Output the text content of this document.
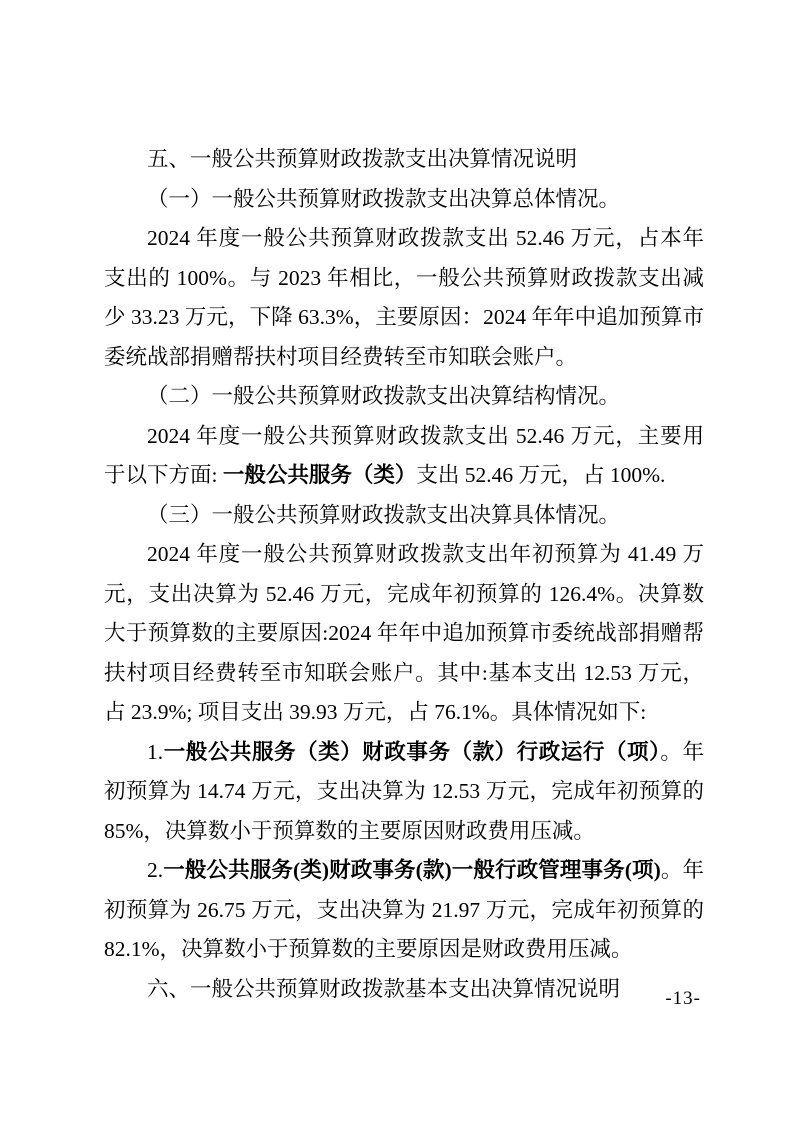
五、一般公共预算财政拨款支出决算情况说明
（一）一般公共预算财政拨款支出决算总体情况。

2024 年度一般公共预算财政拨款支出 52.46 万元，占本年支出的 100%。与 2023 年相比，一般公共预算财政拨款支出减少 33.23 万元，下降 63.3%，主要原因：2024 年年中追加预算市委统战部捐赠帮扶村项目经费转至市知联会账户。

（二）一般公共预算财政拨款支出决算结构情况。

2024 年度一般公共预算财政拨款支出 52.46 万元，主要用于以下方面: 一般公共服务（类）支出 52.46 万元，占 100%.

（三）一般公共预算财政拨款支出决算具体情况。

2024 年度一般公共预算财政拨款支出年初预算为 41.49 万元，支出决算为 52.46 万元，完成年初预算的 126.4%。决算数大于预算数的主要原因:2024 年年中追加预算市委统战部捐赠帮扶村项目经费转至市知联会账户。其中:基本支出 12.53 万元，占 23.9%; 项目支出 39.93 万元，占 76.1%。具体情况如下:

1.一般公共服务（类）财政事务（款）行政运行（项）。年初预算为 14.74 万元，支出决算为 12.53 万元，完成年初预算的 85%，决算数小于预算数的主要原因财政费用压减。

2.一般公共服务(类)财政事务(款)一般行政管理事务(项)。年初预算为 26.75 万元，支出决算为 21.97 万元，完成年初预算的 82.1%，决算数小于预算数的主要原因是财政费用压减。

六、一般公共预算财政拨款基本支出决算情况说明	-13-
